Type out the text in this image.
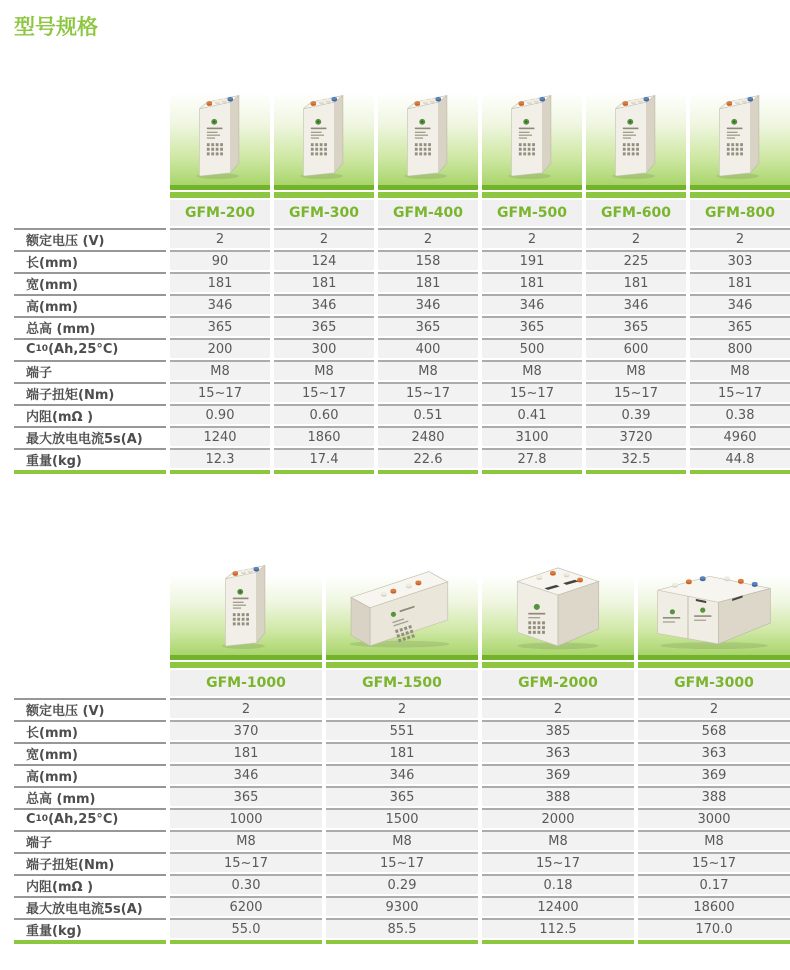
型号规格
GFM-200	GFM-300	GFM-400	GFM-500	GFM-600	GFM-800
额定电压 (V)	2	2	2	2	2	2
长(mm)	90	124	158	191	225	303
宽(mm)	181	181	181	181	181	181
高(mm)	346	346	346	346	346	346
总高 (mm)	365	365	365	365	365	365
C 10 (Ah,25°C)	200	300	400	500	600	800
端子	M8	M8	M8	M8	M8	M8
端子扭矩(Nm)	15~17	15~17	15~17	15~17	15~17	15~17
内阻(mΩ )	0.90	0.60	0.51	0.41	0.39	0.38
最大放电电流5s(A)	1240	1860	2480	3100	3720	4960
重量(kg)	12.3	17.4	22.6	27.8	32.5	44.8
GFM-1000	GFM-1500	GFM-2000	GFM-3000
额定电压 (V)	2	2	2	2
长(mm)	370	551	385	568
宽(mm)	181	181	363	363
高(mm)	346	346	369	369
总高 (mm)	365	365	388	388
C 10 (Ah,25°C)	1000	1500	2000	3000
端子	M8	M8	M8	M8
端子扭矩(Nm)	15~17	15~17	15~17	15~17
内阻(mΩ )	0.30	0.29	0.18	0.17
最大放电电流5s(A)	6200	9300	12400	18600
重量(kg)	55.0	85.5	112.5	170.0
